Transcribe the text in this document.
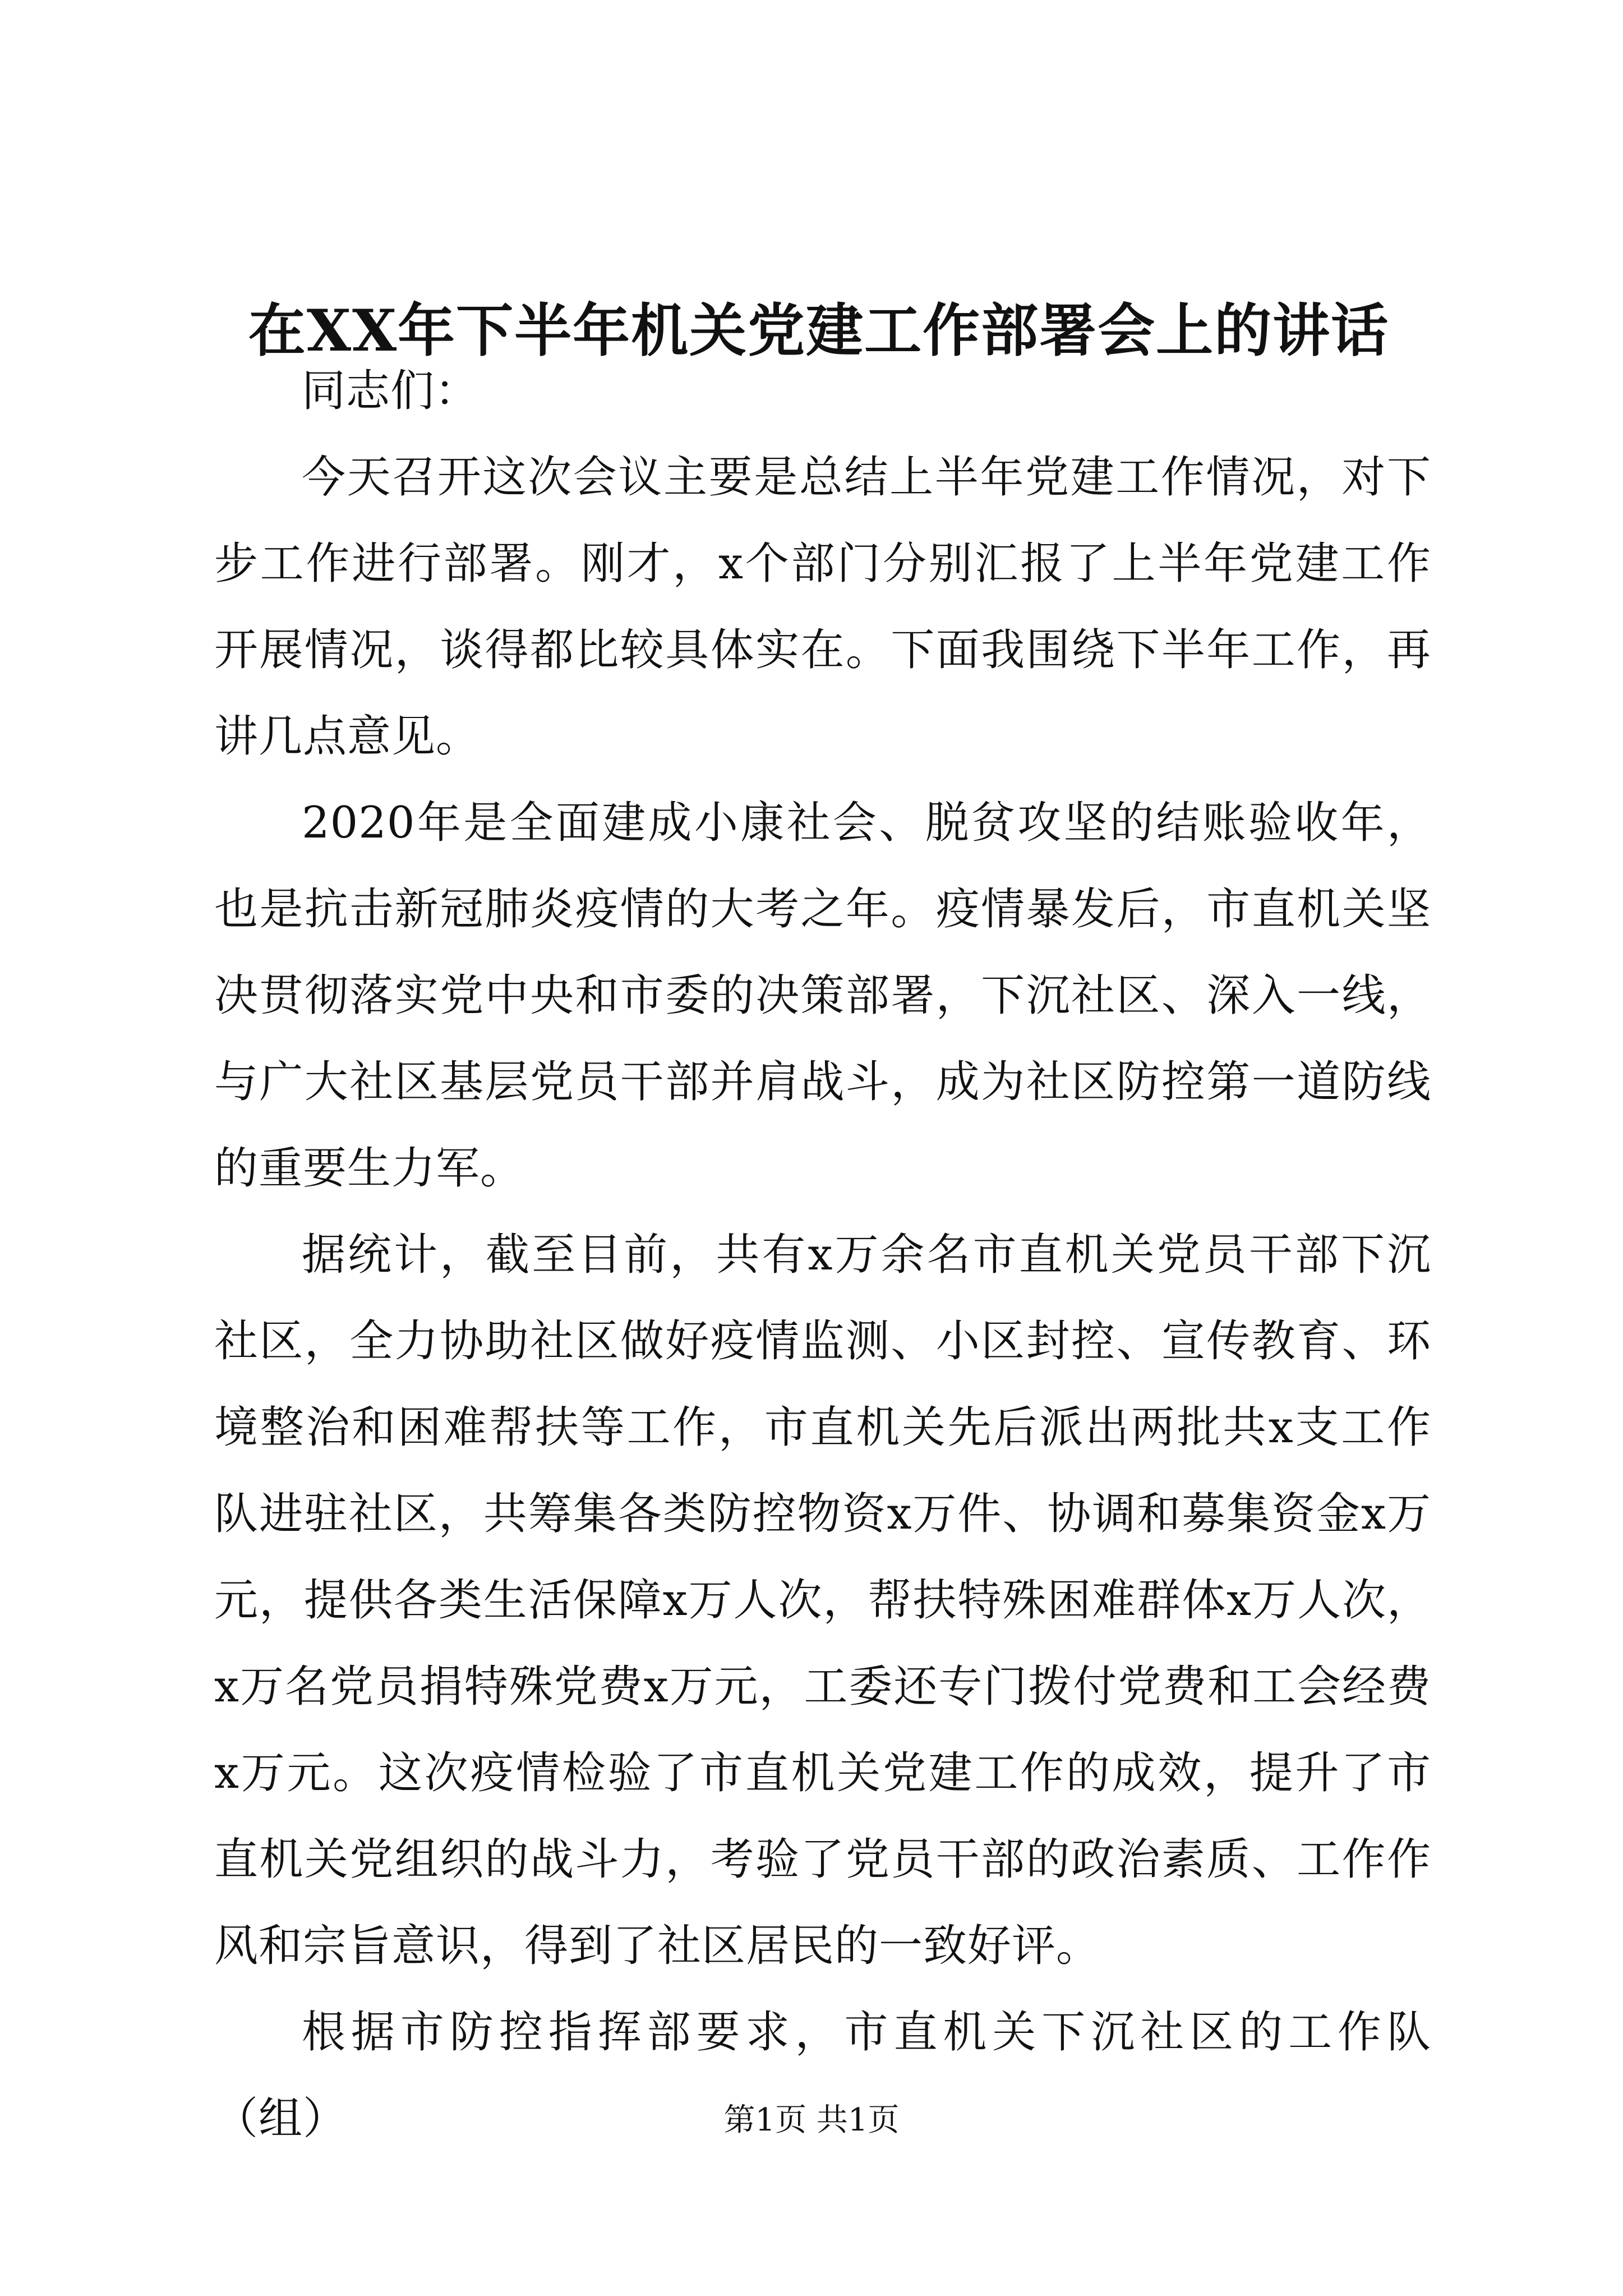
在XX年下半年机关党建工作部署会上的讲话

同志们：

今天召开这次会议主要是总结上半年党建工作情况，对下步工作进行部署。刚才，x个部门分别汇报了上半年党建工作开展情况，谈得都比较具体实在。下面我围绕下半年工作，再讲几点意见。

2020年是全面建成小康社会、脱贫攻坚的结账验收年，也是抗击新冠肺炎疫情的大考之年。疫情暴发后，市直机关坚决贯彻落实党中央和市委的决策部署，下沉社区、深入一线，与广大社区基层党员干部并肩战斗，成为社区防控第一道防线的重要生力军。

据统计，截至目前，共有x万余名市直机关党员干部下沉社区，全力协助社区做好疫情监测、小区封控、宣传教育、环境整治和困难帮扶等工作，市直机关先后派出两批共x支工作队进驻社区，共筹集各类防控物资x万件、协调和募集资金x万元，提供各类生活保障x万人次，帮扶特殊困难群体x万人次，x万名党员捐特殊党费x万元，工委还专门拨付党费和工会经费x万元。这次疫情检验了市直机关党建工作的成效，提升了市直机关党组织的战斗力，考验了党员干部的政治素质、工作作风和宗旨意识，得到了社区居民的一致好评。

根据市防控指挥部要求，市直机关下沉社区的工作队（组）	第1页 共1页
